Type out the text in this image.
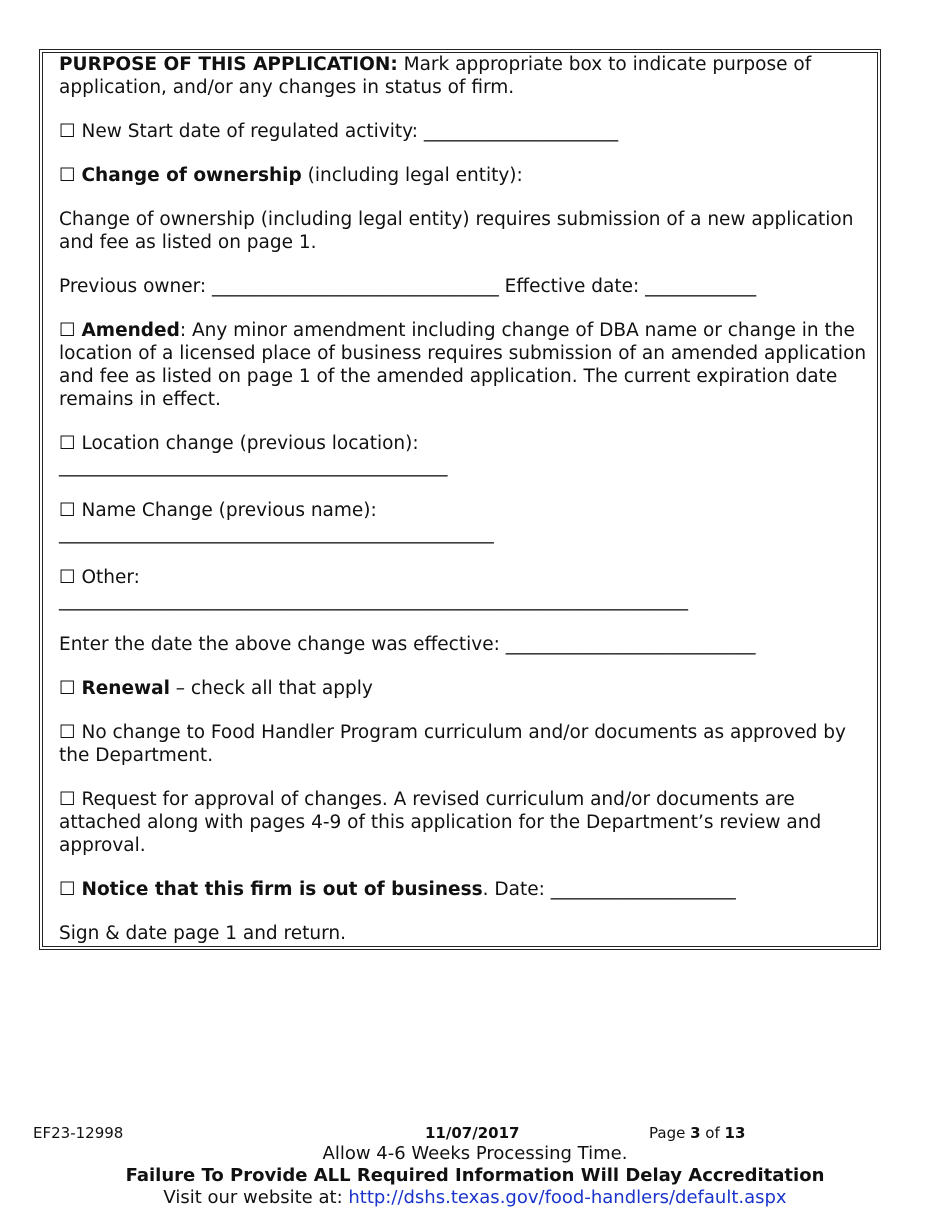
PURPOSE OF THIS APPLICATION: Mark appropriate box to indicate purpose of application, and/or any changes in status of firm.

☐ New Start date of regulated activity: _____________________

☐ Change of ownership (including legal entity):

Change of ownership (including legal entity) requires submission of a new application and fee as listed on page 1.

Previous owner: _______________________________ Effective date: ____________

☐ Amended: Any minor amendment including change of DBA name or change in the location of a licensed place of business requires submission of an amended application and fee as listed on page 1 of the amended application. The current expiration date remains in effect.

☐ Location change (previous location):
__________________________________________

☐ Name Change (previous name):
_______________________________________________

☐ Other:
____________________________________________________________________

Enter the date the above change was effective: ___________________________

☐ Renewal – check all that apply

☐ No change to Food Handler Program curriculum and/or documents as approved by the Department.

☐ Request for approval of changes. A revised curriculum and/or documents are attached along with pages 4-9 of this application for the Department’s review and approval.

☐ Notice that this firm is out of business. Date: ____________________

Sign & date page 1 and return.

EF23-12998	11/07/2017	Page 3 of 13
Allow 4-6 Weeks Processing Time.
Failure To Provide ALL Required Information Will Delay Accreditation
Visit our website at: http://dshs.texas.gov/food-handlers/default.aspx
